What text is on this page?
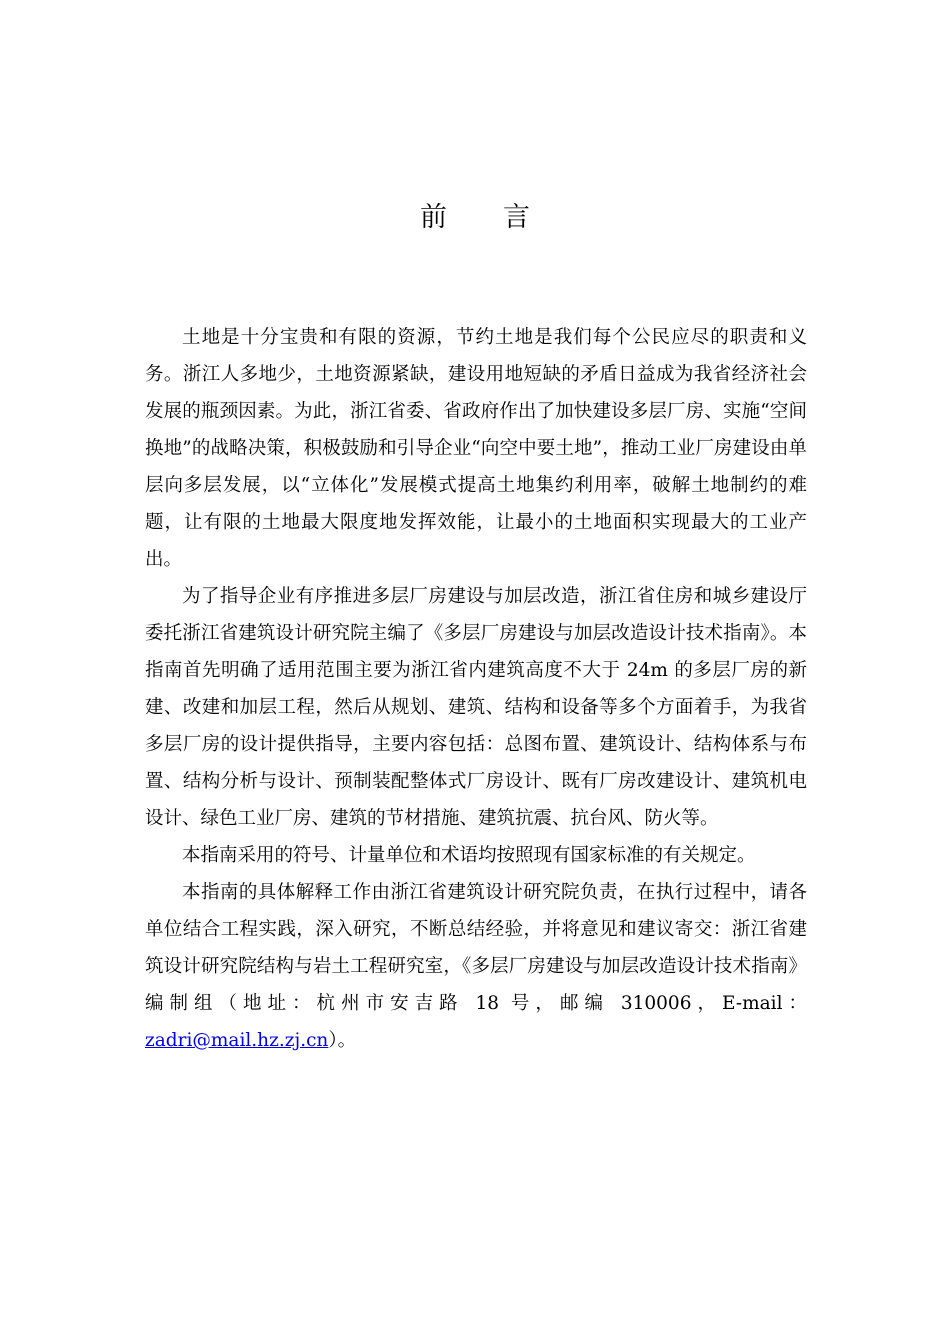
前言

土地是十分宝贵和有限的资源，节约土地是我们每个公民应尽的职责和义务。浙江人多地少，土地资源紧缺，建设用地短缺的矛盾日益成为我省经济社会发展的瓶颈因素。为此，浙江省委、省政府作出了加快建设多层厂房、实施“空间换地”的战略决策，积极鼓励和引导企业“向空中要土地”，推动工业厂房建设由单层向多层发展，以“立体化”发展模式提高土地集约利用率，破解土地制约的难题，让有限的土地最大限度地发挥效能，让最小的土地面积实现最大的工业产出。

为了指导企业有序推进多层厂房建设与加层改造，浙江省住房和城乡建设厅委托浙江省建筑设计研究院主编了《多层厂房建设与加层改造设计技术指南》。本指南首先明确了适用范围主要为浙江省内建筑高度不大于 24m 的多层厂房的新建、改建和加层工程，然后从规划、建筑、结构和设备等多个方面着手，为我省多层厂房的设计提供指导，主要内容包括：总图布置、建筑设计、结构体系与布置、结构分析与设计、预制装配整体式厂房设计、既有厂房改建设计、建筑机电设计、绿色工业厂房、建筑的节材措施、建筑抗震、抗台风、防火等。

本指南采用的符号、计量单位和术语均按照现有国家标准的有关规定。

本指南的具体解释工作由浙江省建筑设计研究院负责，在执行过程中，请各单位结合工程实践，深入研究，不断总结经验，并将意见和建议寄交：浙江省建筑设计研究院结构与岩土工程研究室，《多层厂房建设与加层改造设计技术指南》编制组（地址：杭州市安吉路 18 号，邮编 310006，E-mail：zadri@mail.hz.zj.cn）。
